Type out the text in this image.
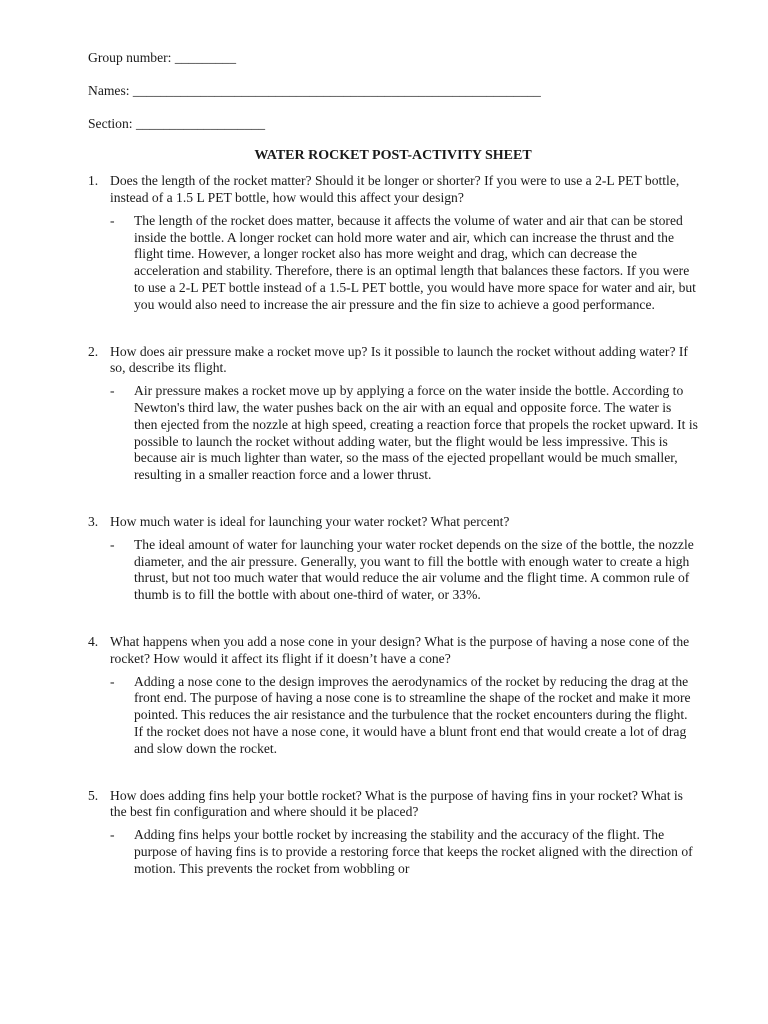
Group number: _________
Names: ____________________________________________________________
Section: ___________________
WATER ROCKET POST-ACTIVITY SHEET
1. Does the length of the rocket matter? Should it be longer or shorter? If you were to use a 2-L PET bottle, instead of a 1.5 L PET bottle, how would this affect your design?
-	The length of the rocket does matter, because it affects the volume of water and air that can be stored inside the bottle. A longer rocket can hold more water and air, which can increase the thrust and the flight time. However, a longer rocket also has more weight and drag, which can decrease the acceleration and stability. Therefore, there is an optimal length that balances these factors. If you were to use a 2-L PET bottle instead of a 1.5-L PET bottle, you would have more space for water and air, but you would also need to increase the air pressure and the fin size to achieve a good performance.
2. How does air pressure make a rocket move up? Is it possible to launch the rocket without adding water? If so, describe its flight.
-	Air pressure makes a rocket move up by applying a force on the water inside the bottle. According to Newton's third law, the water pushes back on the air with an equal and opposite force. The water is then ejected from the nozzle at high speed, creating a reaction force that propels the rocket upward. It is possible to launch the rocket without adding water, but the flight would be less impressive. This is because air is much lighter than water, so the mass of the ejected propellant would be much smaller, resulting in a smaller reaction force and a lower thrust.
3. How much water is ideal for launching your water rocket? What percent?
-	The ideal amount of water for launching your water rocket depends on the size of the bottle, the nozzle diameter, and the air pressure. Generally, you want to fill the bottle with enough water to create a high thrust, but not too much water that would reduce the air volume and the flight time. A common rule of thumb is to fill the bottle with about one-third of water, or 33%.
4. What happens when you add a nose cone in your design? What is the purpose of having a nose cone of the rocket? How would it affect its flight if it doesn’t have a cone?
-	Adding a nose cone to the design improves the aerodynamics of the rocket by reducing the drag at the front end. The purpose of having a nose cone is to streamline the shape of the rocket and make it more pointed. This reduces the air resistance and the turbulence that the rocket encounters during the flight. If the rocket does not have a nose cone, it would have a blunt front end that would create a lot of drag and slow down the rocket.
5. How does adding fins help your bottle rocket? What is the purpose of having fins in your rocket? What is the best fin configuration and where should it be placed?
-	Adding fins helps your bottle rocket by increasing the stability and the accuracy of the flight. The purpose of having fins is to provide a restoring force that keeps the rocket aligned with the direction of motion. This prevents the rocket from wobbling or
